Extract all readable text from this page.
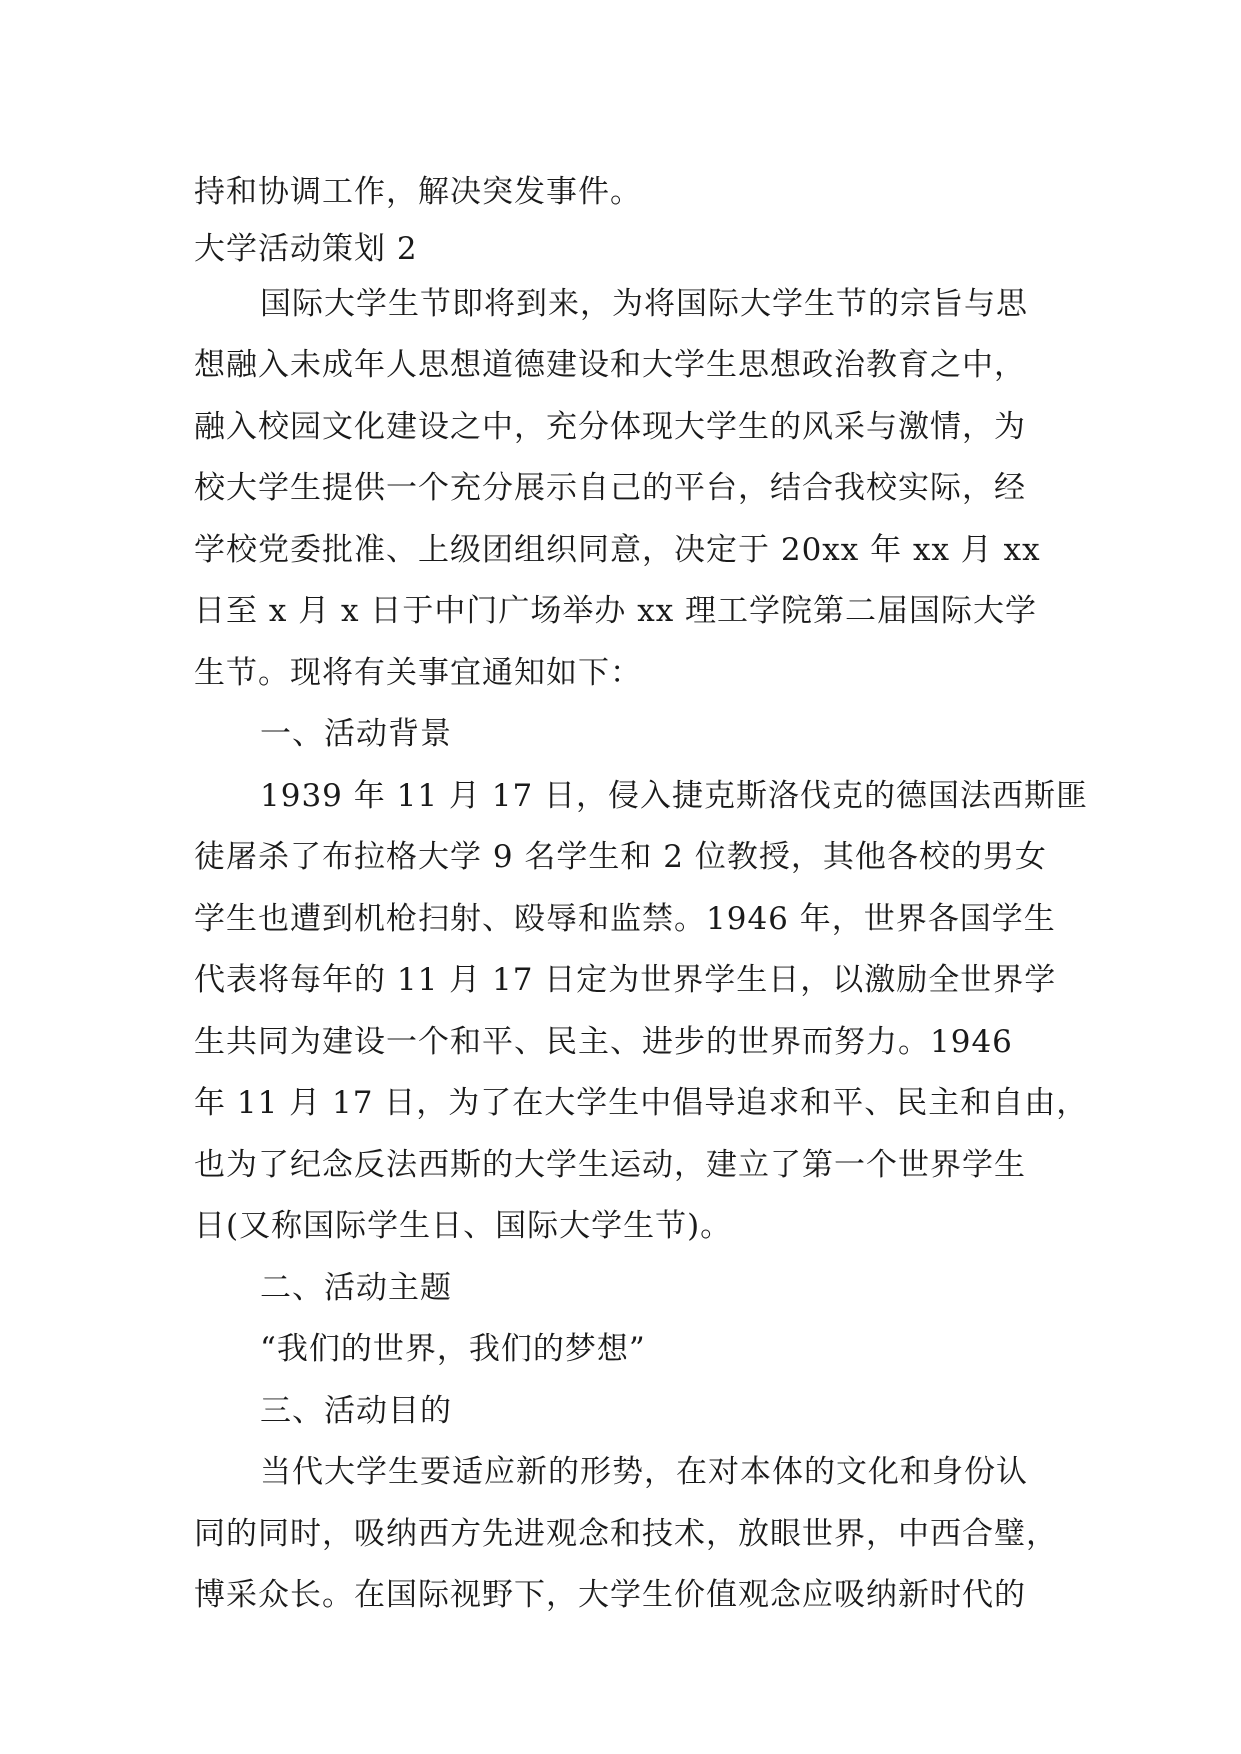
持和协调工作，解决突发事件。
大学活动策划 2
国际大学生节即将到来，为将国际大学生节的宗旨与思
想融入未成年人思想道德建设和大学生思想政治教育之中，
融入校园文化建设之中，充分体现大学生的风采与激情，为
校大学生提供一个充分展示自己的平台，结合我校实际，经
学校党委批准、上级团组织同意，决定于 20xx 年 xx 月 xx
日至 x 月 x 日于中门广场举办 xx 理工学院第二届国际大学
生节。现将有关事宜通知如下：
一、活动背景
1939 年 11 月 17 日，侵入捷克斯洛伐克的德国法西斯匪
徒屠杀了布拉格大学 9 名学生和 2 位教授，其他各校的男女
学生也遭到机枪扫射、殴辱和监禁。1946 年，世界各国学生
代表将每年的 11 月 17 日定为世界学生日，以激励全世界学
生共同为建设一个和平、民主、进步的世界而努力。1946
年 11 月 17 日，为了在大学生中倡导追求和平、民主和自由，
也为了纪念反法西斯的大学生运动，建立了第一个世界学生
日(又称国际学生日、国际大学生节)。
二、活动主题
“我们的世界，我们的梦想”
三、活动目的
当代大学生要适应新的形势，在对本体的文化和身份认
同的同时，吸纳西方先进观念和技术，放眼世界，中西合璧，
博采众长。在国际视野下，大学生价值观念应吸纳新时代的
